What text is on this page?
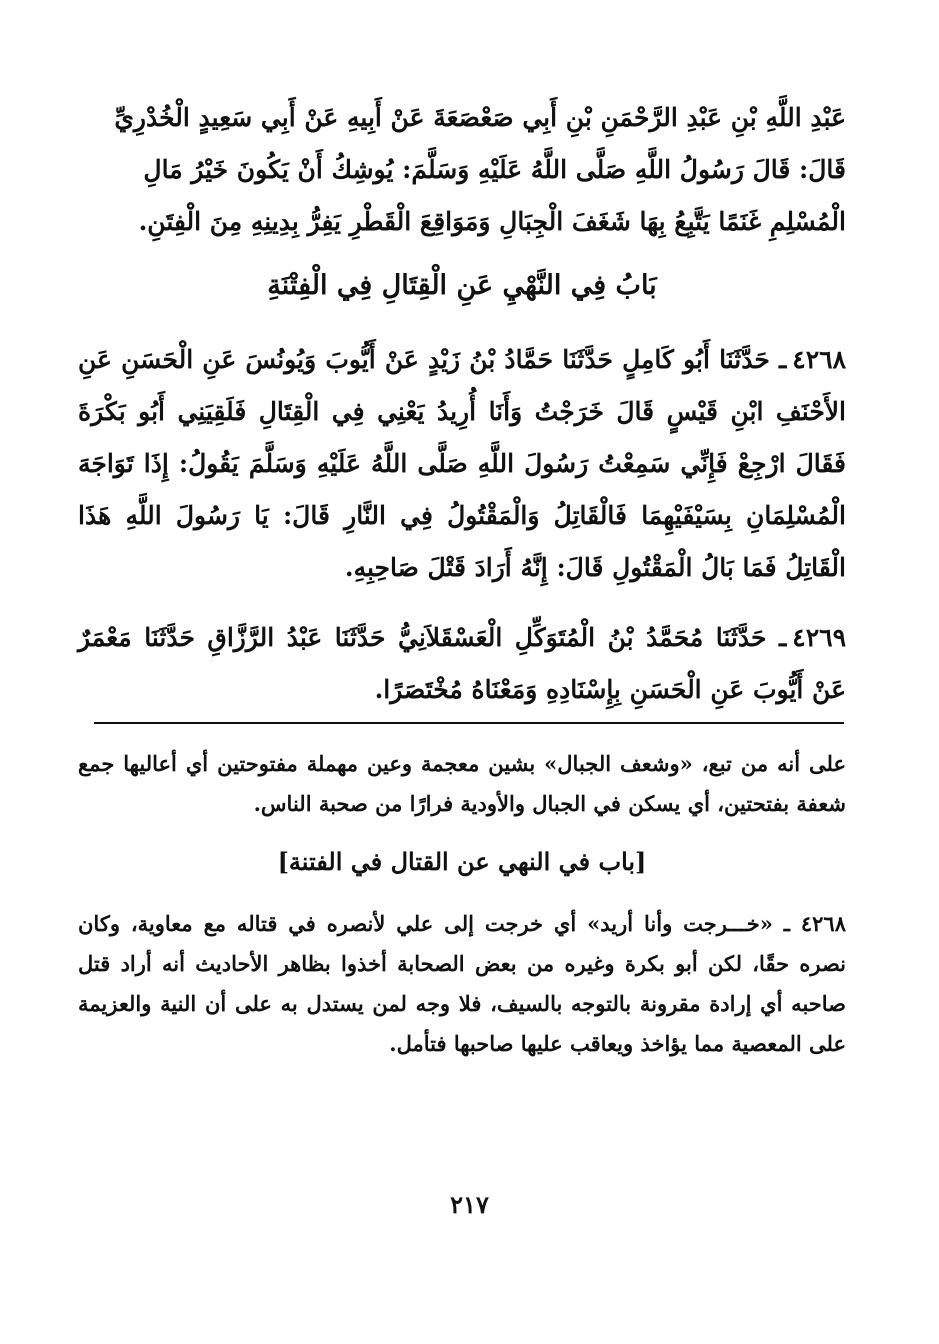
عَبْدِ اللَّهِ بْنِ عَبْدِ الرَّحْمَنِ بْنِ أَبِي صَعْصَعَةَ عَنْ أَبِيهِ عَنْ أَبِي سَعِيدٍ الْخُدْرِيِّ
قَالَ: قَالَ رَسُولُ اللَّهِ صَلَّى اللَّهُ عَلَيْهِ وَسَلَّمَ: يُوشِكُ أَنْ يَكُونَ خَيْرُ مَالِ
الْمُسْلِمِ غَنَمًا يَتَّبِعُ بِهَا شَغَفَ الْجِبَالِ وَمَوَاقِعَ الْقَطْرِ يَفِرُّ بِدِينِهِ مِنَ الْفِتَنِ.
بَابُ فِي النَّهْيِ عَنِ الْقِتَالِ فِي الْفِتْنَةِ
٤٢٦٨ـ حَدَّثَنَا أَبُو كَامِلٍ حَدَّثَنَا حَمَّادُ بْنُ زَيْدٍ عَنْ أَيُّوبَ وَيُونُسَ عَنِ الْحَسَنِ عَنِ الأَحْنَفِ ابْنِ قَيْسٍ قَالَ خَرَجْتُ وَأَنَا أُرِيدُ يَعْنِي فِي الْقِتَالِ فَلَقِيَنِي أَبُو بَكْرَةَ فَقَالَ ارْجِعْ فَإِنِّي سَمِعْتُ رَسُولَ اللَّهِ صَلَّى اللَّهُ عَلَيْهِ وَسَلَّمَ يَقُولُ: إِذَا تَوَاجَهَ الْمُسْلِمَانِ بِسَيْفَيْهِمَا فَالْقَاتِلُ وَالْمَقْتُولُ فِي النَّارِ قَالَ: يَا رَسُولَ اللَّهِ هَذَا الْقَاتِلُ فَمَا بَالُ الْمَقْتُولِ قَالَ: إِنَّهُ أَرَادَ قَتْلَ صَاحِبِهِ.
٤٢٦٩ـ حَدَّثَنَا مُحَمَّدُ بْنُ الْمُتَوَكِّلِ الْعَسْقَلاَنِيُّ حَدَّثَنَا عَبْدُ الرَّزَّاقِ حَدَّثَنَا مَعْمَرٌ عَنْ أَيُّوبَ عَنِ الْحَسَنِ بِإِسْنَادِهِ وَمَعْنَاهُ مُخْتَصَرًا.
على أنه من تبع، «وشعف الجبال» بشين معجمة وعين مهملة مفتوحتين أي أعاليها جمع شعفة بفتحتين، أي يسكن في الجبال والأودية فرارًا من صحبة الناس.
[باب في النهي عن القتال في الفتنة]
٤٢٦٨ ـ «خـــرجت وأنا أريد» أي خرجت إلى علي لأنصره في قتاله مع معاوية، وكان نصره حقًا، لكن أبو بكرة وغيره من بعض الصحابة أخذوا بظاهر الأحاديث أنه أراد قتل صاحبه أي إرادة مقرونة بالتوجه بالسيف، فلا وجه لمن يستدل به على أن النية والعزيمة على المعصية مما يؤاخذ ويعاقب عليها صاحبها فتأمل.
٢١٧
